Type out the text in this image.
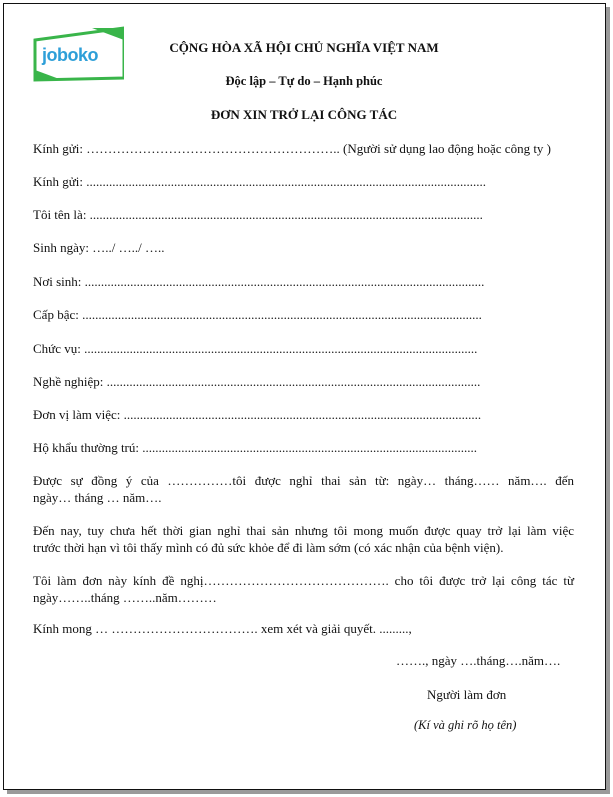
joboko	CỘNG HÒA XÃ HỘI CHỦ NGHĨA VIỆT NAM
Độc lập – Tự do – Hạnh phúc
ĐƠN XIN TRỞ LẠI CÔNG TÁC
Kính gửi: ………………………………………………….. (Người sử dụng lao động hoặc công ty )
Kính gửi: ...........................................................................................................................
Tôi tên là: .........................................................................................................................
Sinh ngày: …../ …../ …..
Nơi sinh: ...........................................................................................................................
Cấp bậc: ...........................................................................................................................
Chức vụ: .........................................................................................................................
Nghề nghiệp: ...................................................................................................................
Đơn vị làm việc: ..............................................................................................................
Hộ khẩu thường trú: .......................................................................................................
Được sự đồng ý của ……………tôi được nghỉ thai sản từ: ngày… tháng…… năm…. đến
ngày… tháng … năm….
Đến nay, tuy chưa hết thời gian nghỉ thai sản nhưng tôi mong muốn được quay trở lại làm việc
trước thời hạn vì tôi thấy mình có đủ sức khỏe để đi làm sớm (có xác nhận của bệnh viện).
Tôi làm đơn này kính đề nghị……………………………………. cho tôi được trở lại công tác từ
ngày……..tháng ……..năm………
Kính mong … ……………………………. xem xét và giải quyết. .........,
……., ngày ….tháng….năm….
Người làm đơn
(Kí và ghi rõ họ tên)
